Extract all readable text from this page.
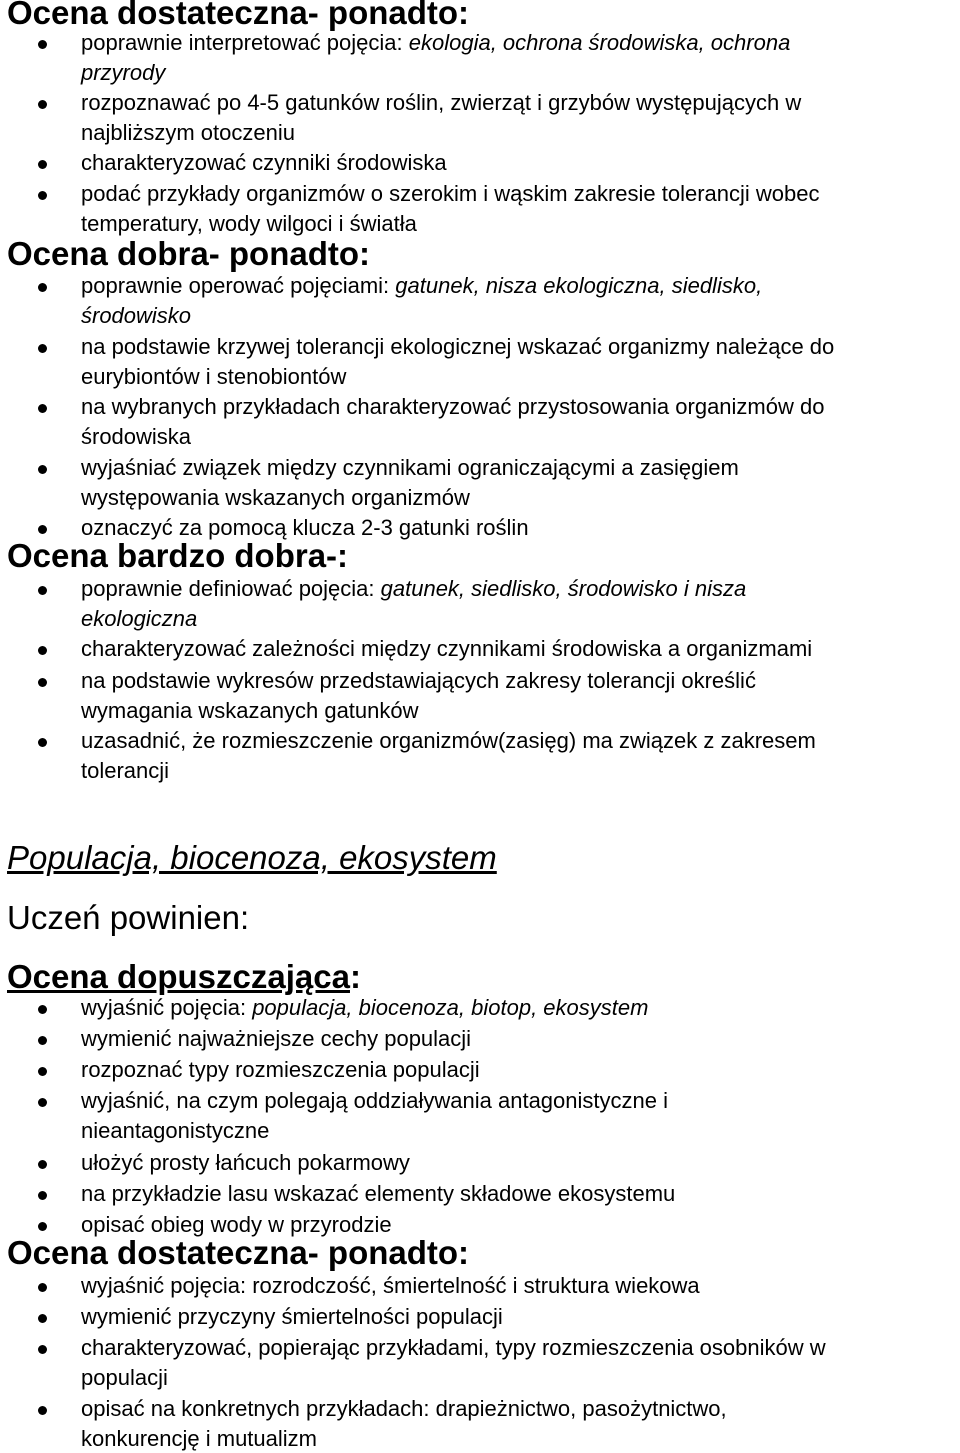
Ocena dostateczna- ponadto:
poprawnie interpretować pojęcia: ekologia, ochrona środowiska, ochrona
przyrody
rozpoznawać po 4-5 gatunków roślin, zwierząt i grzybów występujących w
najbliższym otoczeniu
charakteryzować czynniki środowiska
podać przykłady organizmów o szerokim i wąskim zakresie tolerancji wobec
temperatury, wody wilgoci i światła
Ocena dobra- ponadto:
poprawnie operować pojęciami: gatunek, nisza ekologiczna, siedlisko,
środowisko
na podstawie krzywej tolerancji ekologicznej wskazać organizmy należące do
eurybiontów i stenobiontów
na wybranych przykładach charakteryzować przystosowania organizmów do
środowiska
wyjaśniać związek między czynnikami ograniczającymi a zasięgiem
występowania wskazanych organizmów
oznaczyć za pomocą klucza 2-3 gatunki roślin
Ocena bardzo dobra-:
poprawnie definiować pojęcia: gatunek, siedlisko, środowisko i nisza
ekologiczna
charakteryzować zależności między czynnikami środowiska a organizmami
na podstawie wykresów przedstawiających zakresy tolerancji określić
wymagania wskazanych gatunków
uzasadnić, że rozmieszczenie organizmów(zasięg) ma związek z zakresem
tolerancji
Populacja, biocenoza, ekosystem
Uczeń powinien:
Ocena dopuszczająca:
wyjaśnić pojęcia: populacja, biocenoza, biotop, ekosystem
wymienić najważniejsze cechy populacji
rozpoznać typy rozmieszczenia populacji
wyjaśnić, na czym polegają oddziaływania antagonistyczne i
nieantagonistyczne
ułożyć prosty łańcuch pokarmowy
na przykładzie lasu wskazać elementy składowe ekosystemu
opisać obieg wody w przyrodzie
Ocena dostateczna- ponadto:
wyjaśnić pojęcia: rozrodczość, śmiertelność i struktura wiekowa
wymienić przyczyny śmiertelności populacji
charakteryzować, popierając przykładami, typy rozmieszczenia osobników w
populacji
opisać na konkretnych przykładach: drapieżnictwo, pasożytnictwo,
konkurencję i mutualizm
